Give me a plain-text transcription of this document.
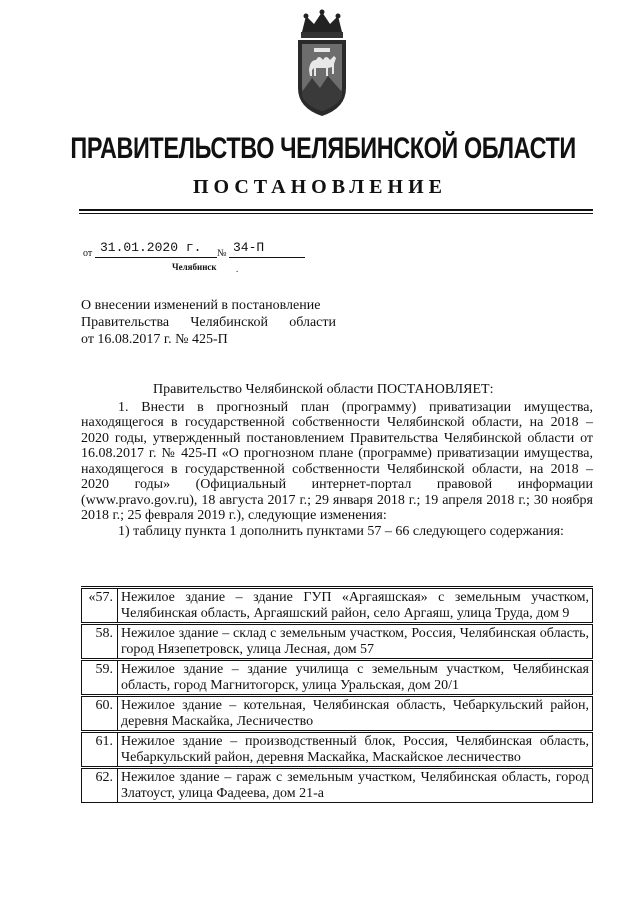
ПРАВИТЕЛЬСТВО ЧЕЛЯБИНСКОЙ ОБЛАСТИ
ПОСТАНОВЛЕНИЕ
от 31.01.2020 г. № 34-П
Челябинск .
О внесении изменений в постановление
Правительства Челябинской области
от 16.08.2017 г. № 425-П

Правительство Челябинской области ПОСТАНОВЛЯЕТ:

1. Внести в прогнозный план (программу) приватизации имущества, находящегося в государственной собственности Челябинской области, на 2018 – 2020 годы, утвержденный постановлением Правительства Челябинской области от 16.08.2017 г. № 425-П «О прогнозном плане (программе) приватизации имущества, находящегося в государственной собственности Челябинской области, на 2018 – 2020 годы» (Официальный интернет-портал правовой информации (www.pravo.gov.ru), 18 августа 2017 г.; 29 января 2018 г.; 19 апреля 2018 г.; 30 ноября 2018 г.; 25 февраля 2019 г.), следующие изменения:

1) таблицу пункта 1 дополнить пунктами 57 – 66 следующего содержания:

«57.	Нежилое здание – здание ГУП «Аргаяшская» с земельным участком, Челябинская область, Аргаяшский район, село Аргаяш, улица Труда, дом 9
58.	Нежилое здание – склад с земельным участком, Россия, Челябинская область, город Нязепетровск, улица Лесная, дом 57
59.	Нежилое здание – здание училища с земельным участком, Челябинская область, город Магнитогорск, улица Уральская, дом 20/1
60.	Нежилое здание – котельная, Челябинская область, Чебаркульский район, деревня Маскайка, Лесничество
61.	Нежилое здание – производственный блок, Россия, Челябинская область, Чебаркульский район, деревня Маскайка, Маскайское лесничество
62.	Нежилое здание – гараж с земельным участком, Челябинская область, город Златоуст, улица Фадеева, дом 21-а
